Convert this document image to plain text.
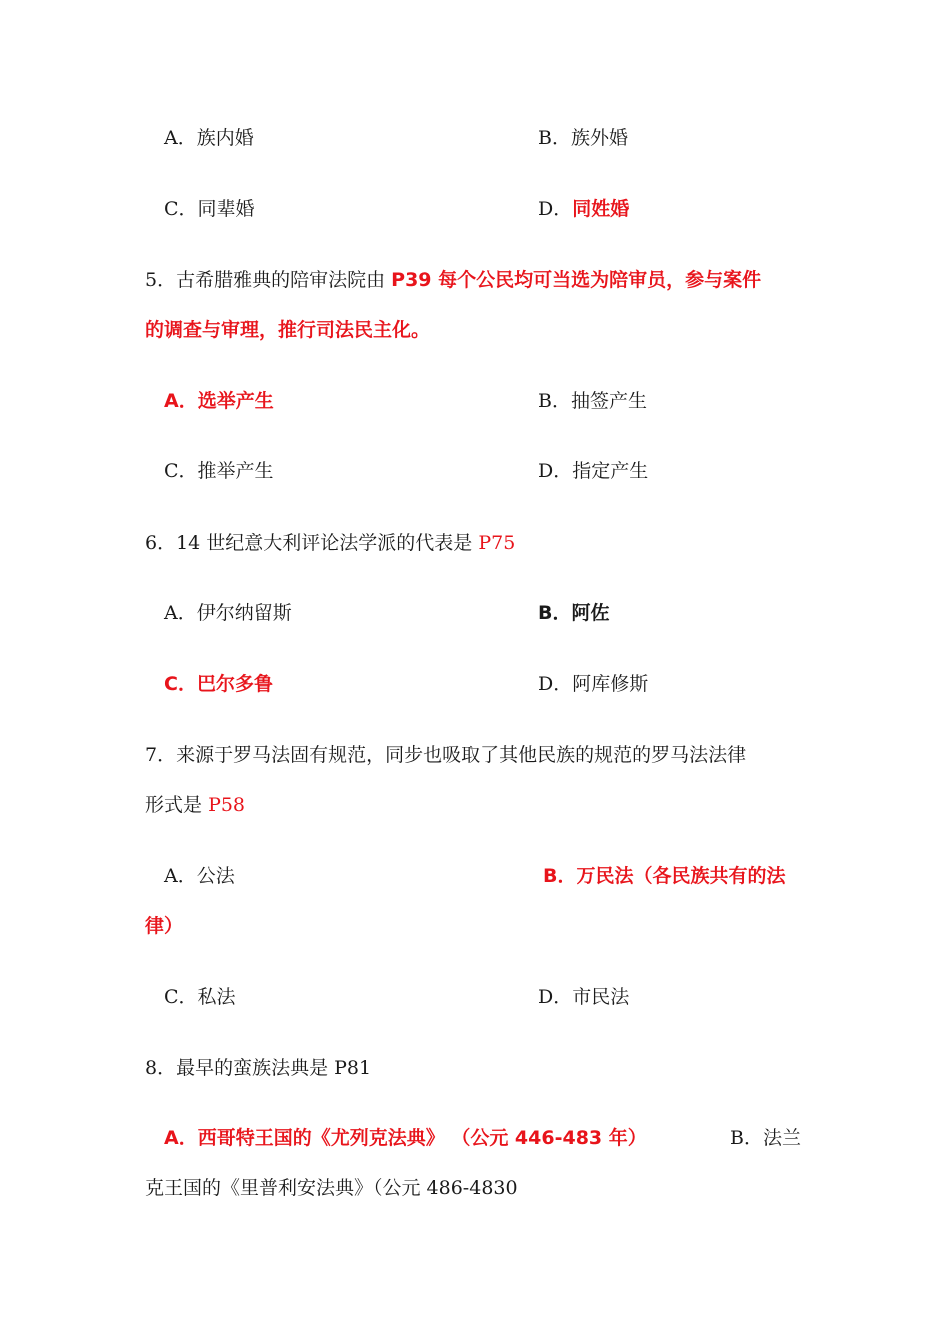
A．族内婚	B．族外婚
C．同辈婚	D．同姓婚
5．古希腊雅典的陪审法院由 P39 每个公民均可当选为陪审员，参与案件
的调查与审理，推行司法民主化。
A．选举产生	B．抽签产生
C．推举产生	D．指定产生
6．14 世纪意大利评论法学派的代表是 P75
A．伊尔纳留斯	B．阿佐
C．巴尔多鲁	D．阿库修斯
7．来源于罗马法固有规范，同步也吸取了其他民族的规范的罗马法法律
形式是 P58
A．公法	B．万民法（各民族共有的法
律）
C．私法	D．市民法
8．最早的蛮族法典是 P81
A．西哥特王国的《尤列克法典》 （公元 446-483 年）	B．法兰
克王国的《里普利安法典》（公元 486-4830
